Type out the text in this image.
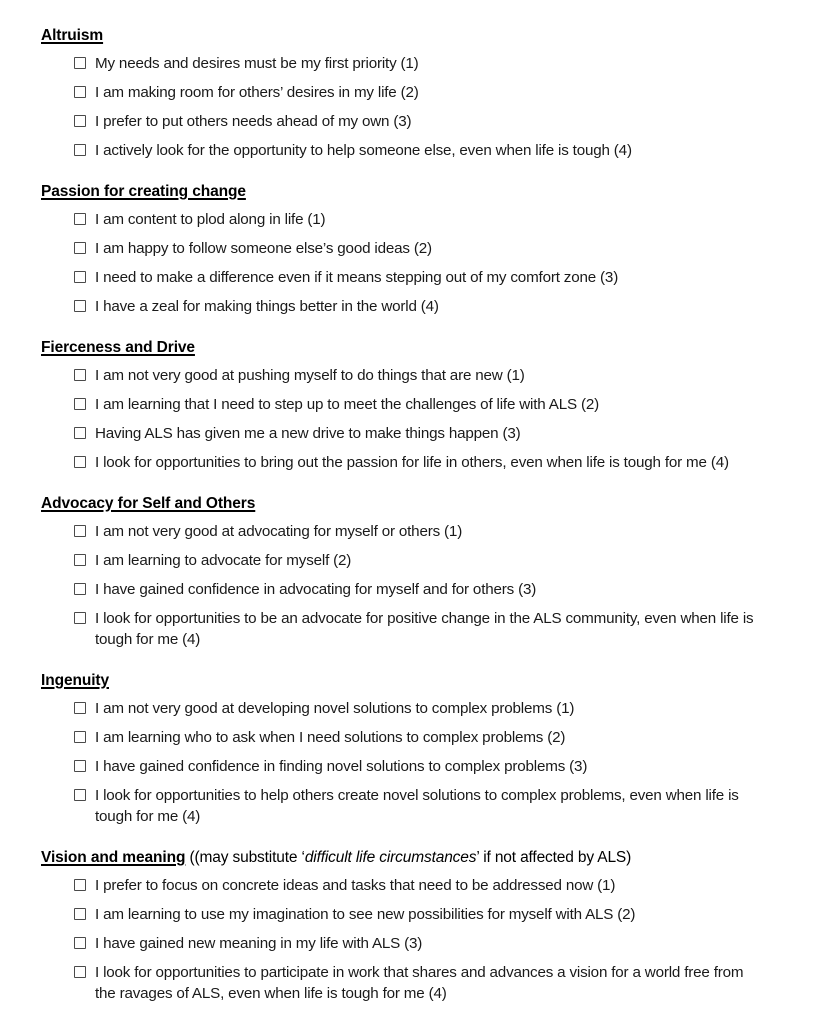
Altruism
My needs and desires must be my first priority (1)
I am making room for others’ desires in my life (2)
I prefer to put others needs ahead of my own (3)
I actively look for the opportunity to help someone else, even when life is tough (4)
Passion for creating change
I am content to plod along in life (1)
I am happy to follow someone else’s good ideas (2)
I need to make a difference even if it means stepping out of my comfort zone (3)
I have a zeal for making things better in the world (4)
Fierceness and Drive
I am not very good at pushing myself to do things that are new (1)
I am learning that I need to step up to meet the challenges of life with ALS (2)
Having ALS has given me a new drive to make things happen (3)
I look for opportunities to bring out the passion for life in others, even when life is tough for me (4)
Advocacy for Self and Others
I am not very good at advocating for myself or others (1)
I am learning to advocate for myself (2)
I have gained confidence in advocating for myself and for others (3)
I look for opportunities to be an advocate for positive change in the ALS community, even when life is tough for me (4)
Ingenuity
I am not very good at developing novel solutions to complex problems (1)
I am learning who to ask when I need solutions to complex problems (2)
I have gained confidence in finding novel solutions to complex problems (3)
I look for opportunities to help others create novel solutions to complex problems, even when life is tough for me (4)
Vision and meaning ((may substitute ‘difficult life circumstances’ if not affected by ALS)
I prefer to focus on concrete ideas and tasks that need to be addressed now (1)
I am learning to use my imagination to see new possibilities for myself with ALS (2)
I have gained new meaning in my life with ALS (3)
I look for opportunities to participate in work that shares and advances a vision for a world free from the ravages of ALS, even when life is tough for me (4)
